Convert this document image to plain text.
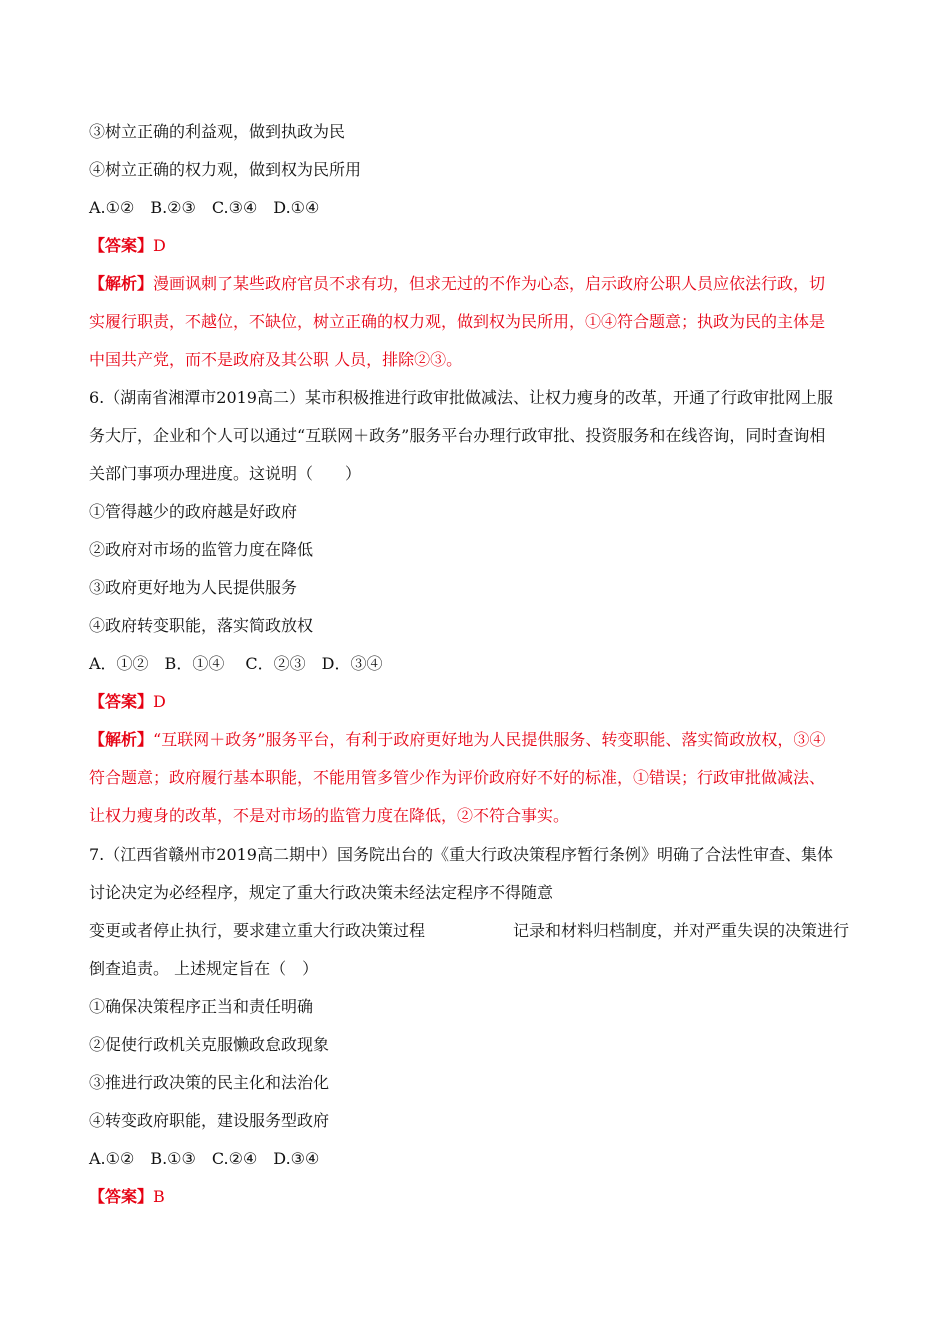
③树立正确的利益观，做到执政为民
④树立正确的权力观，做到权为民所用
A.①②　B.②③　C.③④　D.①④
【答案】D
【解析】漫画讽刺了某些政府官员不求有功，但求无过的不作为心态，启示政府公职人员应依法行政，切
实履行职责，不越位，不缺位，树立正确的权力观，做到权为民所用，①④符合题意；执政为民的主体是
中国共产党，而不是政府及其公职 人员，排除②③。
6.（湖南省湘潭市2019高二）某市积极推进行政审批做减法、让权力瘦身的改革，开通了行政审批网上服
务大厅，企业和个人可以通过“互联网＋政务”服务平台办理行政审批、投资服务和在线咨询，同时查询相
关部门事项办理进度。这说明（　　）
①管得越少的政府越是好政府
②政府对市场的监管力度在降低
③政府更好地为人民提供服务
④政府转变职能，落实简政放权
A．①②　B．①④　 C．②③　D．③④
【答案】D
【解析】“互联网＋政务”服务平台，有利于政府更好地为人民提供服务、转变职能、落实简政放权，③④
符合题意；政府履行基本职能，不能用管多管少作为评价政府好不好的标准，①错误；行政审批做减法、
让权力瘦身的改革，不是对市场的监管力度在降低，②不符合事实。
7.（江西省赣州市2019高二期中）国务院出台的《重大行政决策程序暂行条例》明确了合法性审查、集体
讨论决定为必经程序，规定了重大行政决策未经法定程序不得随意
变更或者停止执行，要求建立重大行政决策过程	记录和材料归档制度，并对严重失误的决策进行
倒查追责。 上述规定旨在（　）
①确保决策程序正当和责任明确
②促使行政机关克服懒政怠政现象
③推进行政决策的民主化和法治化
④转变政府职能，建设服务型政府
A.①②　B.①③　C.②④　D.③④
【答案】B
